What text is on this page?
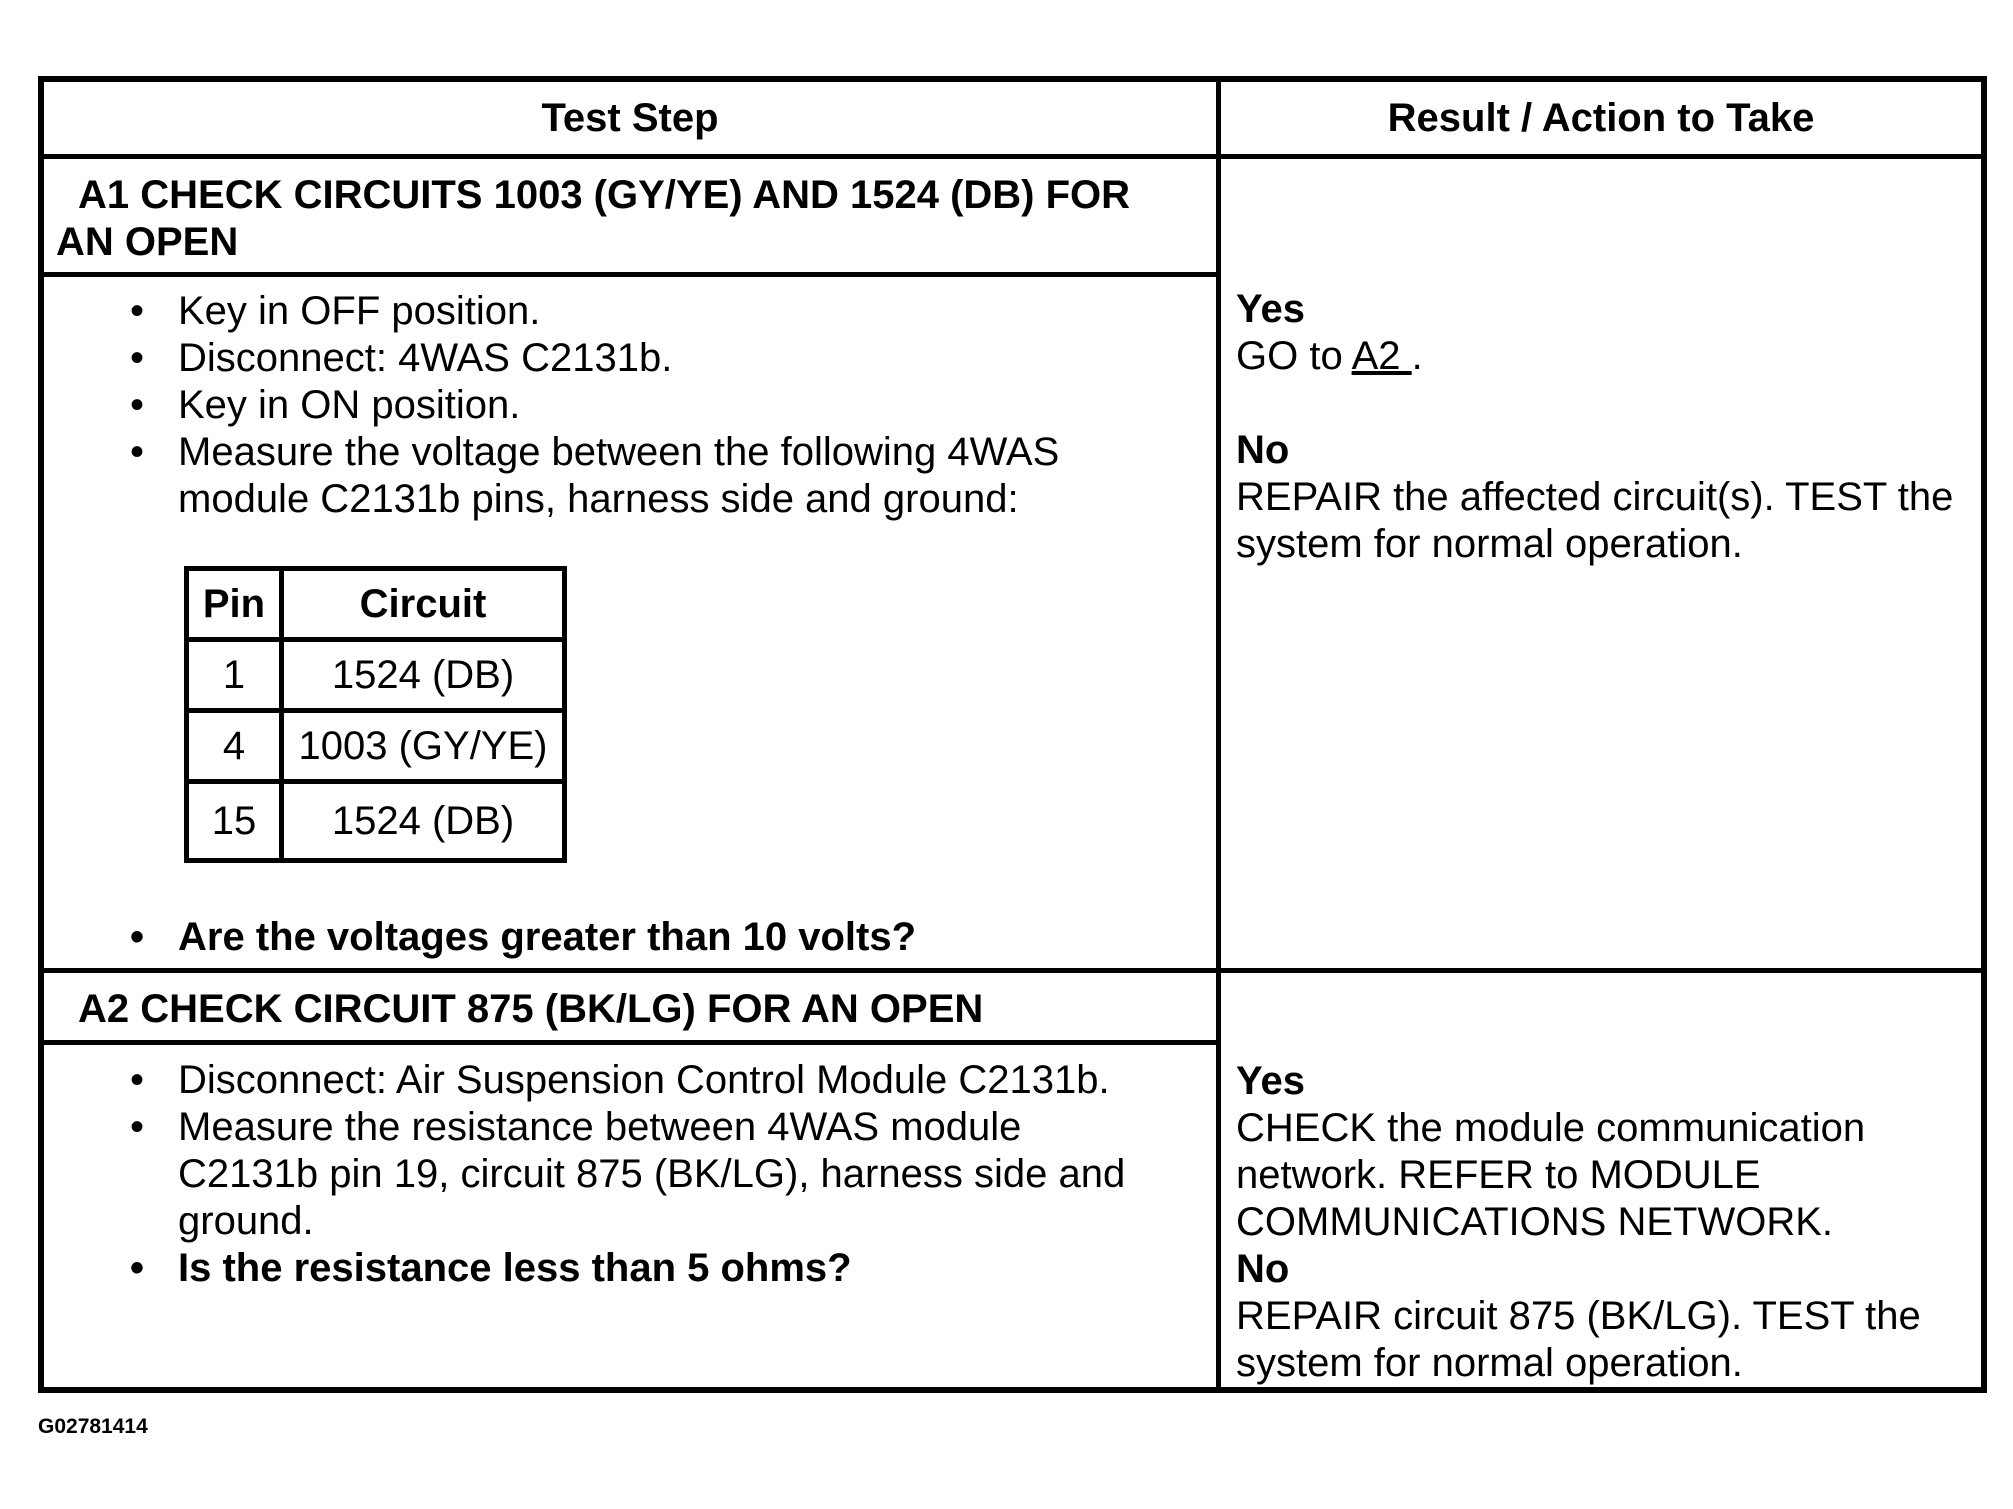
Test Step	Result / Action to Take
A1 CHECK CIRCUITS 1003 (GY/YE) AND 1524 (DB) FOR
AN OPEN
• Key in OFF position.
• Disconnect: 4WAS C2131b.
• Key in ON position.
• Measure the voltage between the following 4WAS module C2131b pins, harness side and ground:
Pin	Circuit
1	1524 (DB)
4	1003 (GY/YE)
15	1524 (DB)
• Are the voltages greater than 10 volts?
Yes
GO to A2 .
No
REPAIR the affected circuit(s). TEST the system for normal operation.
A2 CHECK CIRCUIT 875 (BK/LG) FOR AN OPEN
• Disconnect: Air Suspension Control Module C2131b.
• Measure the resistance between 4WAS module C2131b pin 19, circuit 875 (BK/LG), harness side and ground.
• Is the resistance less than 5 ohms?
Yes
CHECK the module communication network. REFER to MODULE COMMUNICATIONS NETWORK.
No
REPAIR circuit 875 (BK/LG). TEST the system for normal operation.
G02781414
